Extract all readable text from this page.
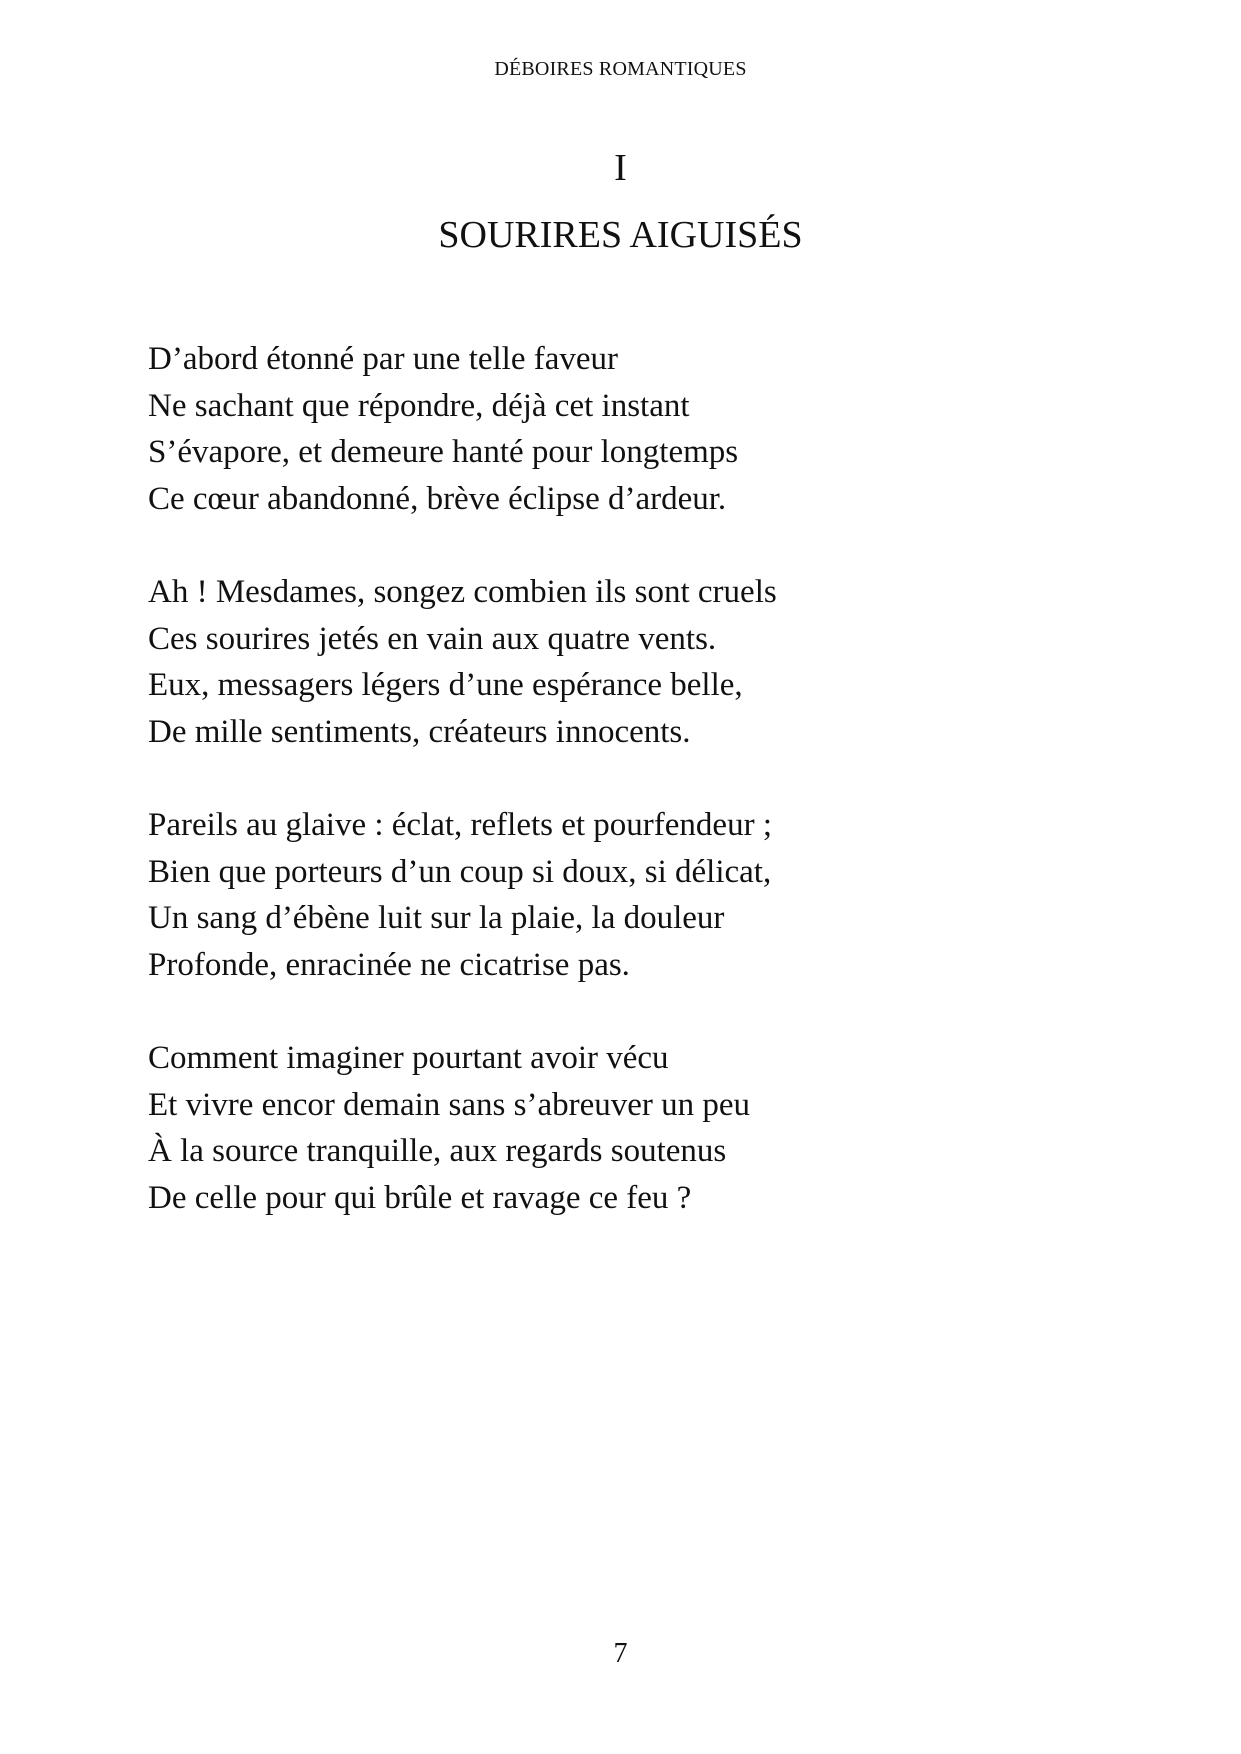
DÉBOIRES ROMANTIQUES
I
SOURIRES AIGUISÉS
D’abord étonné par une telle faveur
Ne sachant que répondre, déjà cet instant
S’évapore, et demeure hanté pour longtemps
Ce cœur abandonné, brève éclipse d’ardeur.
Ah ! Mesdames, songez combien ils sont cruels
Ces sourires jetés en vain aux quatre vents.
Eux, messagers légers d’une espérance belle,
De mille sentiments, créateurs innocents.
Pareils au glaive : éclat, reflets et pourfendeur ;
Bien que porteurs d’un coup si doux, si délicat,
Un sang d’ébène luit sur la plaie, la douleur
Profonde, enracinée ne cicatrise pas.
Comment imaginer pourtant avoir vécu
Et vivre encor demain sans s’abreuver un peu
À la source tranquille, aux regards soutenus
De celle pour qui brûle et ravage ce feu ?
7
